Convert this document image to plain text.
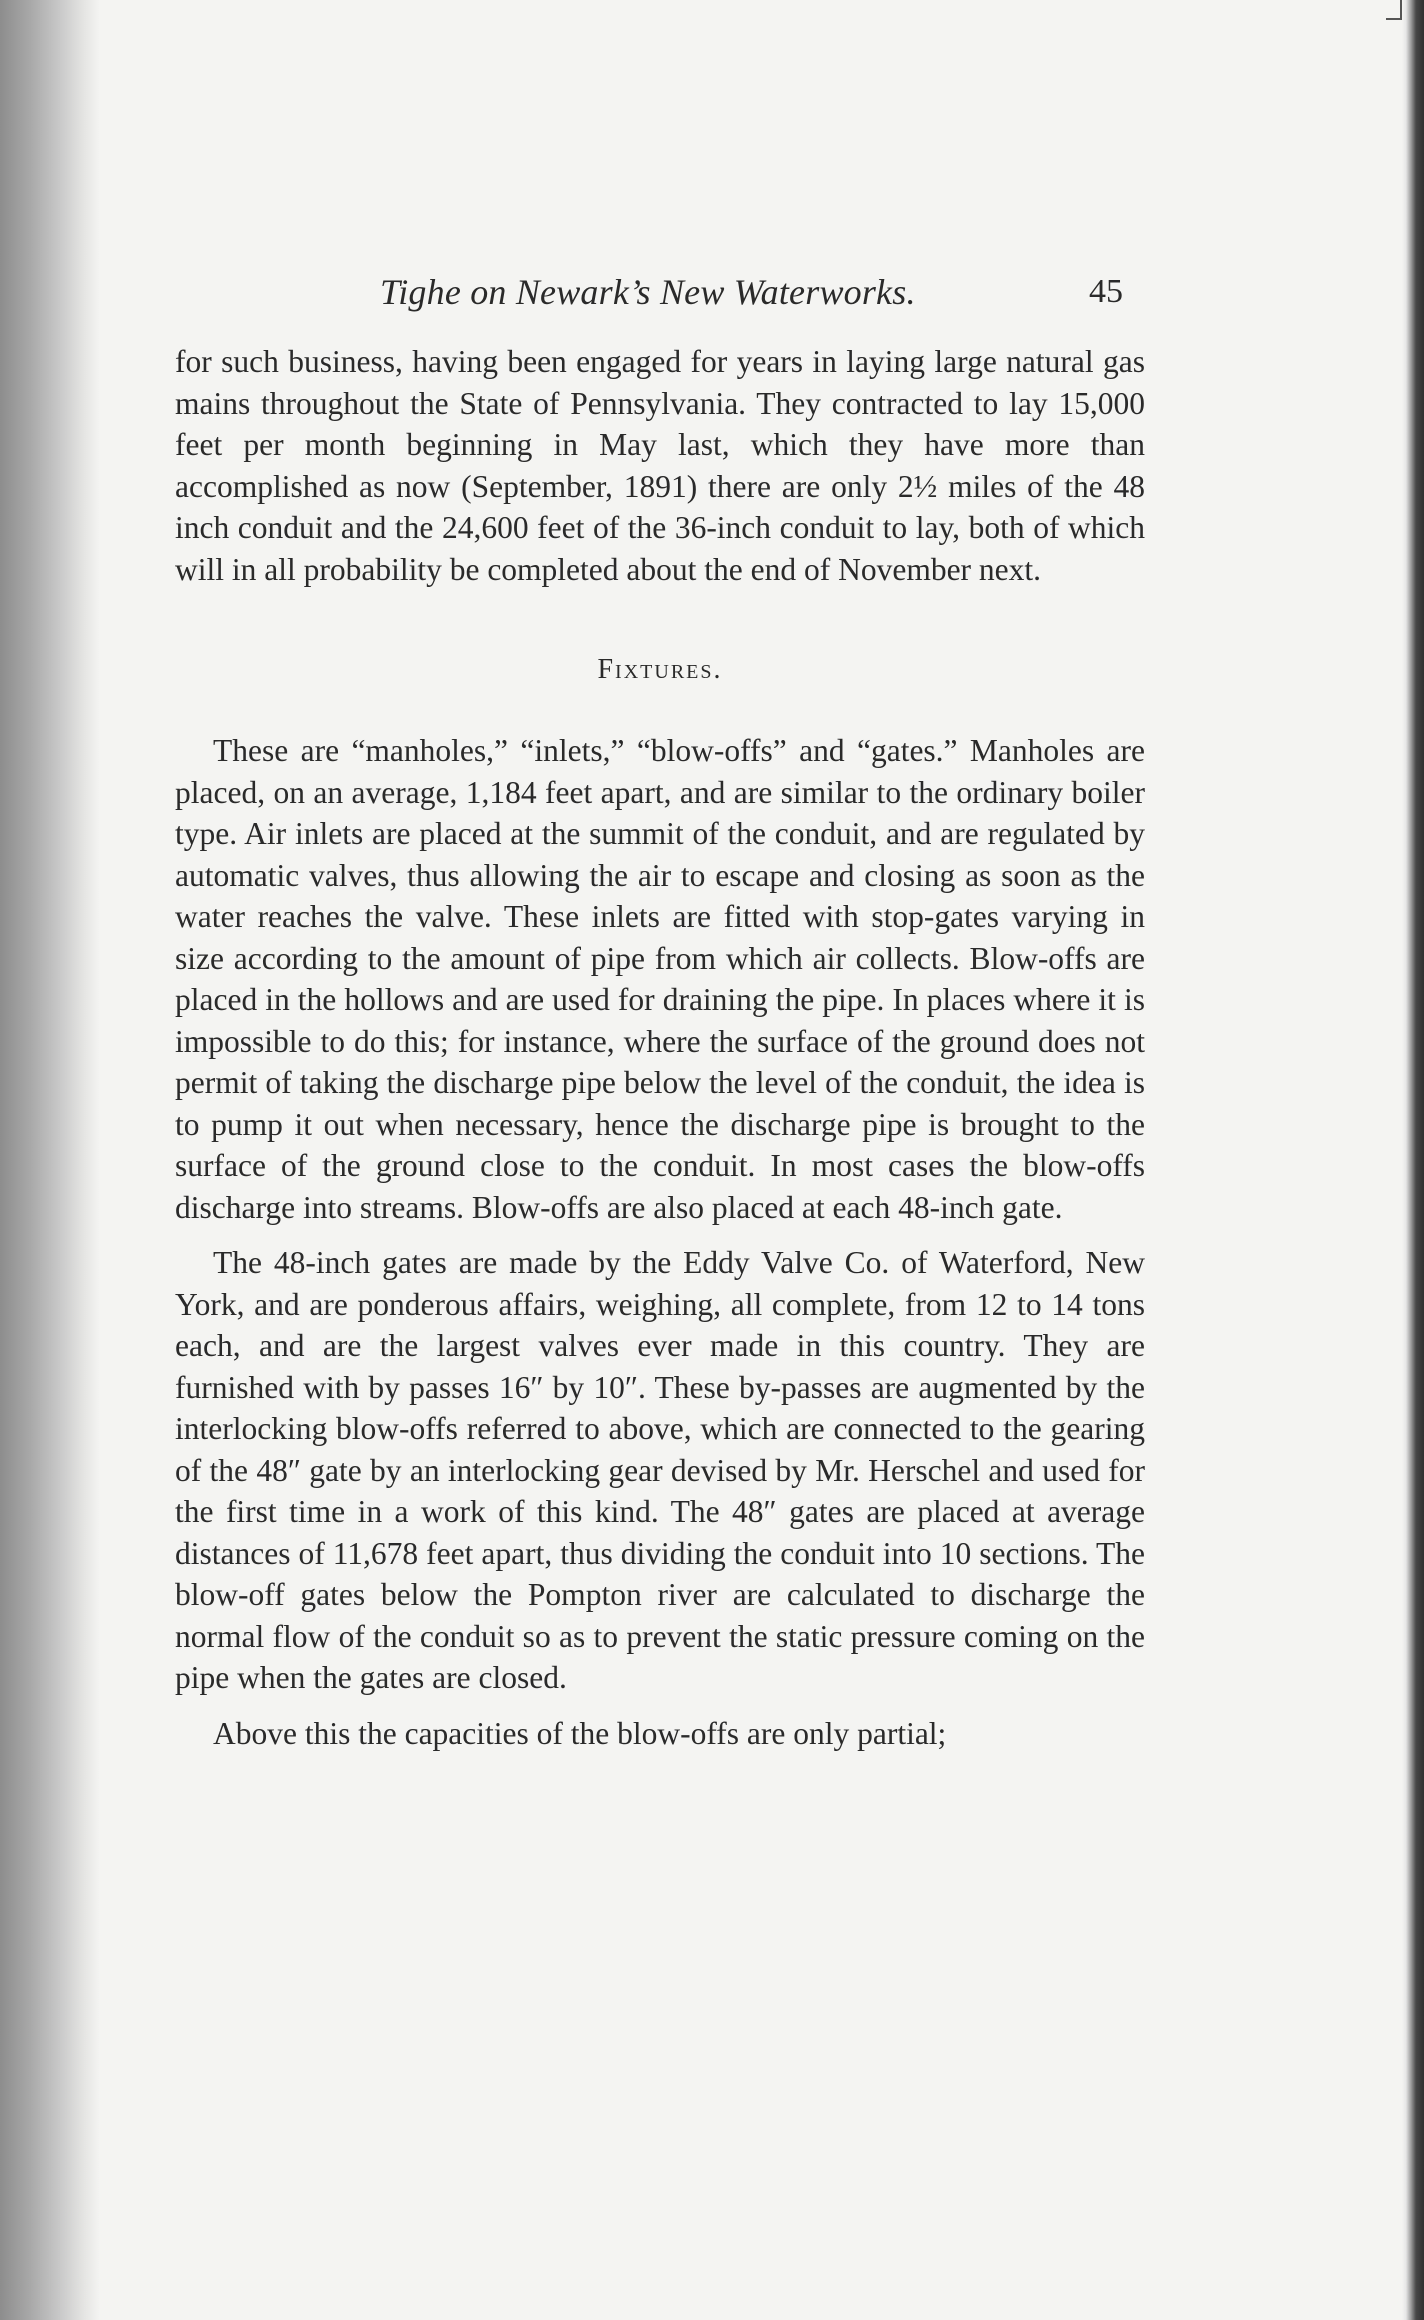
Tighe on Newark’s New Waterworks.	45

for such business, having been engaged for years in laying large natural gas mains throughout the State of Pennsylvania. They contracted to lay 15,000 feet per month beginning in May last, which they have more than accomplished as now (September, 1891) there are only 2½ miles of the 48 inch conduit and the 24,600 feet of the 36-inch conduit to lay, both of which will in all probability be completed about the end of November next.

Fixtures.

These are “manholes,” “inlets,” “blow-offs” and “gates.” Manholes are placed, on an average, 1,184 feet apart, and are similar to the ordinary boiler type. Air inlets are placed at the summit of the conduit, and are regulated by automatic valves, thus allowing the air to escape and closing as soon as the water reaches the valve. These inlets are fitted with stop-gates varying in size according to the amount of pipe from which air collects. Blow-offs are placed in the hollows and are used for draining the pipe. In places where it is impossible to do this; for instance, where the surface of the ground does not permit of taking the discharge pipe below the level of the conduit, the idea is to pump it out when necessary, hence the discharge pipe is brought to the surface of the ground close to the conduit. In most cases the blow-offs discharge into streams. Blow-offs are also placed at each 48-inch gate.

The 48-inch gates are made by the Eddy Valve Co. of Waterford, New York, and are ponderous affairs, weighing, all complete, from 12 to 14 tons each, and are the largest valves ever made in this country. They are furnished with by passes 16″ by 10″. These by-passes are augmented by the interlocking blow-offs referred to above, which are connected to the gearing of the 48″ gate by an interlocking gear devised by Mr. Herschel and used for the first time in a work of this kind. The 48″ gates are placed at average distances of 11,678 feet apart, thus dividing the conduit into 10 sections. The blow-off gates below the Pompton river are calculated to discharge the normal flow of the conduit so as to prevent the static pressure coming on the pipe when the gates are closed.

Above this the capacities of the blow-offs are only partial;
